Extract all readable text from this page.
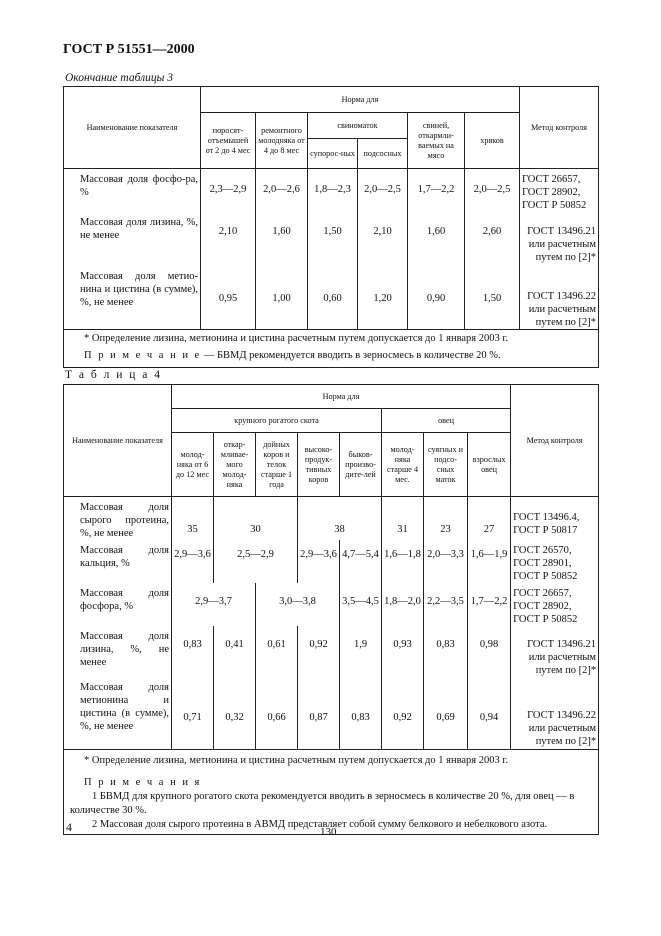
ГОСТ Р 51551—2000
Окончание таблицы 3
Наименование показателя	Норма для						Метод контроля
	поросят-отъемышей от 2 до 4 мес	ремонтного молодняка от 4 до 8 мес	свиноматок		свиней, откармли-ваемых на мясо	хряков	
			супорос-ных	подсосных			
Массовая доля фосфо-ра, %	2,3—2,9	2,0—2,6	1,8—2,3	2,0—2,5	1,7—2,2	2,0—2,5	ГОСТ 26657, ГОСТ 28902, ГОСТ Р 50852
Массовая доля лизина, %, не менее	2,10	1,60	1,50	2,10	1,60	2,60	ГОСТ 13496.21 или расчетным путем по [2]*
Массовая доля метио-нина и цистина (в сумме), %, не менее	0,95	1,00	0,60	1,20	0,90	1,50	ГОСТ 13496.22 или расчетным путем по [2]*

* Определение лизина, метионина и цистина расчетным путем допускается до 1 января 2003 г.
П р и м е ч а н и е — БВМД рекомендуется вводить в зерносмесь в количестве 20 %.							
Т а б л и ц а 4
Наименование показателя	Норма для								Метод контроля
	крупного рогатого скота					овец			
	молод-няка от 6 до 12 мес	откар-мливае-мого молод-няка	дойных коров и телок старше 1 года	высоко-продук-тивных коров	быков-произво-дите-лей	молод-няка старше 4 мес.	суягных и подсо-сных маток	взрослых овец	
Массовая доля сырого протеина, %, не менее	35	30		38		31	23	27	ГОСТ 13496.4, ГОСТ Р 50817
Массовая доля кальция, %	2,9—3,6	2,5—2,9		2,9—3,6	4,7—5,4	1,6—1,8	2,0—3,3	1,6—1,9	ГОСТ 26570, ГОСТ 28901, ГОСТ Р 50852
Массовая доля фосфора, %	2,9—3,7		3,0—3,8		3,5—4,5	1,8—2,0	2,2—3,5	1,7—2,2	ГОСТ 26657, ГОСТ 28902, ГОСТ Р 50852
Массовая доля лизина, %, не менее	0,83	0,41	0,61	0,92	1,9	0,93	0,83	0,98	ГОСТ 13496.21 или расчетным путем по [2]*
Массовая доля метионина и цистина (в сумме), %, не менее	0,71	0,32	0,66	0,87	0,83	0,92	0,69	0,94	ГОСТ 13496.22 или расчетным путем по [2]*

* Определение лизина, метионина и цистина расчетным путем допускается до 1 января 2003 г.
П р и м е ч а н и я
1 БВМД для крупного рогатого скота рекомендуется вводить в зерносмесь в количестве 20 %, для овец — в количестве 30 %.
2 Массовая доля сырого протеина в АВМД представляет собой сумму белкового и небелкового азота.									
4	130
